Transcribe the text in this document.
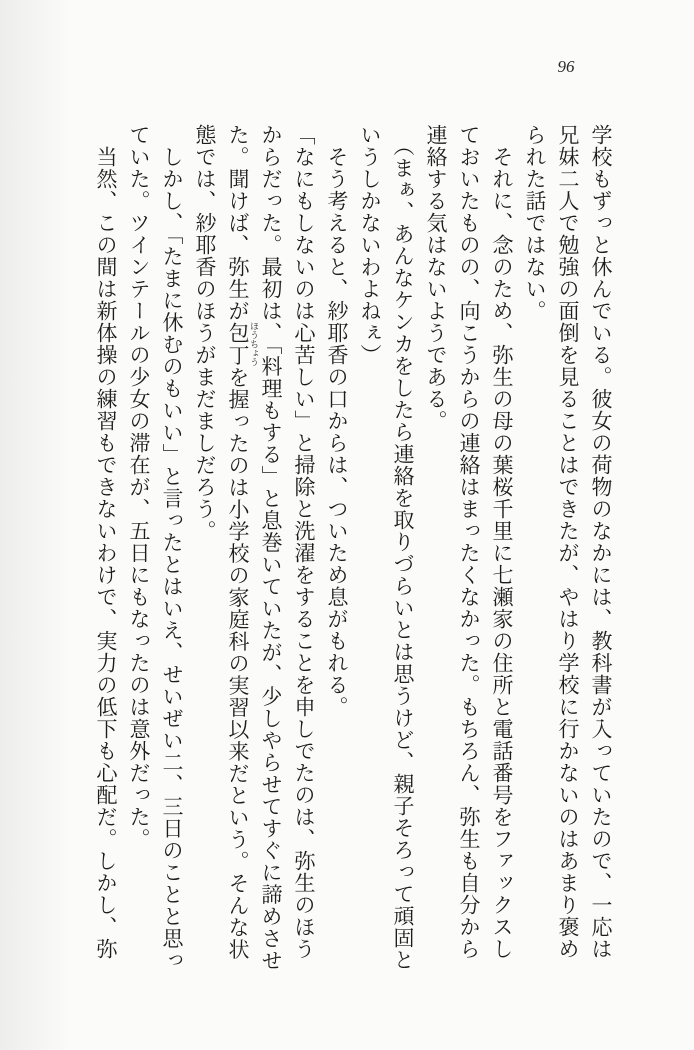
96

学校もずっと休んでいる。彼女の荷物のなかには、教科書が入っていたので、一応は兄妹二人で勉強の面倒を見ることはできたが、やはり学校に行かないのはあまり褒められた話ではない。

それに、念のため、弥生の母の葉桜千里に七瀬家の住所と電話番号をファックスしておいたものの、向こうからの連絡はまったくなかった。もちろん、弥生も自分から連絡する気はないようである。

（まぁ、あんなケンカをしたら連絡を取りづらいとは思うけど、親子そろって頑固というしかないわよねぇ）

そう考えると、紗耶香の口からは、ついため息がもれる。

「なにもしないのは心苦しい」と掃除と洗濯をすることを申しでたのは、弥生のほうからだった。最初は、「料理もする」と息巻いていたが、少しやらせてすぐに諦めさせた。聞けば、弥生が包丁 ほうちょうを握ったのは小学校の家庭科の実習以来だという。そんな状態では、紗耶香のほうがまだましだろう。

しかし、「たまに休むのもいい」と言ったとはいえ、せいぜい二、三日のことと思っていた。ツインテールの少女の滞在が、五日にもなったのは意外だった。

当然、この間は新体操の練習もできないわけで、実力の低下も心配だ。しかし、弥
